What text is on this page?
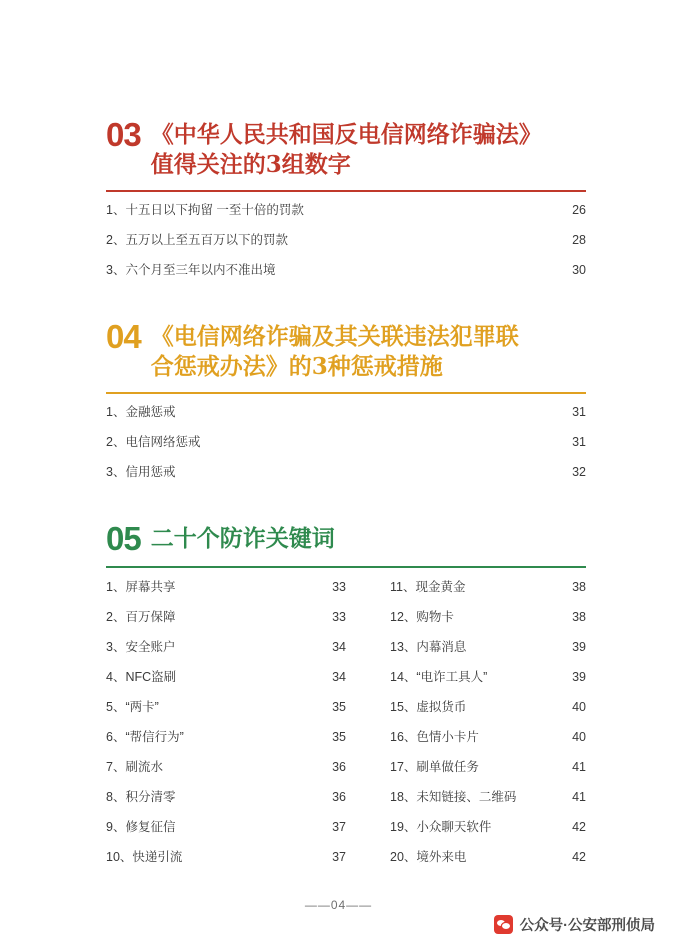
03 《中华人民共和国反电信网络诈骗法》
值得关注的3组数字
1、十五日以下拘留 一至十倍的罚款	26
2、五万以上至五百万以下的罚款	28
3、六个月至三年以内不准出境	30
04 《电信网络诈骗及其关联违法犯罪联
合惩戒办法》的3种惩戒措施
1、金融惩戒	31
2、电信网络惩戒	31
3、信用惩戒	32
05 二十个防诈关键词
1、屏幕共享	33
2、百万保障	33
3、安全账户	34
4、NFC盗刷	34
5、“两卡”	35
6、“帮信行为”	35
7、刷流水	36
8、积分清零	36
9、修复征信	37
10、快递引流	37
11、现金黄金	38
12、购物卡	38
13、内幕消息	39
14、“电诈工具人”	39
15、虚拟货币	40
16、色情小卡片	40
17、刷单做任务	41
18、未知链接、二维码	41
19、小众聊天软件	42
20、境外来电	42
——04——
公众号·公安部刑侦局
